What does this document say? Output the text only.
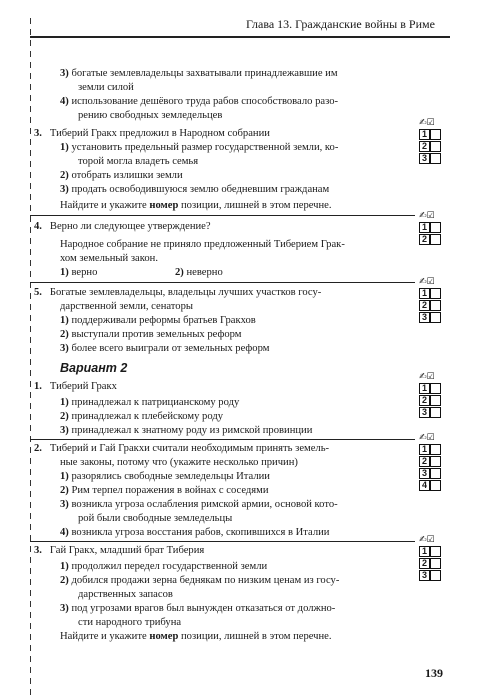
Глава 13. Гражданские войны в Риме
3) богатые землевладельцы захватывали принадлежавшие им
земли силой
4) использование дешёвого труда рабов способствовало разо-
рению свободных земледельцев
3. Тиберий Гракх предложил в Народном собрании
1) установить предельный размер государственной земли, ко-
торой могла владеть семья
2) отобрать излишки земли
3) продать освободившуюся землю обедневшим гражданам
Найдите и укажите номер позиции, лишней в этом перечне.
4. Верно ли следующее утверждение?
Народное собрание не приняло предложенный Тиберием Грак-
хом земельный закон.
1) верно	2) неверно
5. Богатые землевладельцы, владельцы лучших участков госу-
дарственной земли, сенаторы
1) поддерживали реформы братьев Гракхов
2) выступали против земельных реформ
3) более всего выиграли от земельных реформ
Вариант 2
1. Тиберий Гракх
1) принадлежал к патрицианскому роду
2) принадлежал к плебейскому роду
3) принадлежал к знатному роду из римской провинции
2. Тиберий и Гай Гракхи считали необходимым принять земель-
ные законы, потому что (укажите несколько причин)
1) разорялись свободные земледельцы Италии
2) Рим терпел поражения в войнах с соседями
3) возникла угроза ослабления римской армии, основой кото-
рой были свободные земледельцы
4) возникла угроза восстания рабов, скопившихся в Италии
3. Гай Гракх, младший брат Тиберия
1) продолжил передел государственной земли
2) добился продажи зерна беднякам по низким ценам из госу-
дарственных запасов
3) под угрозами врагов был вынужден отказаться от должно-
сти народного трибуна
Найдите и укажите номер позиции, лишней в этом перечне.
139
✍☑
1
2
3
✍☑
1
2
✍☑
1
2
3
✍☑
1
2
3
✍☑
1
2
3
4
✍☑
1
2
3
